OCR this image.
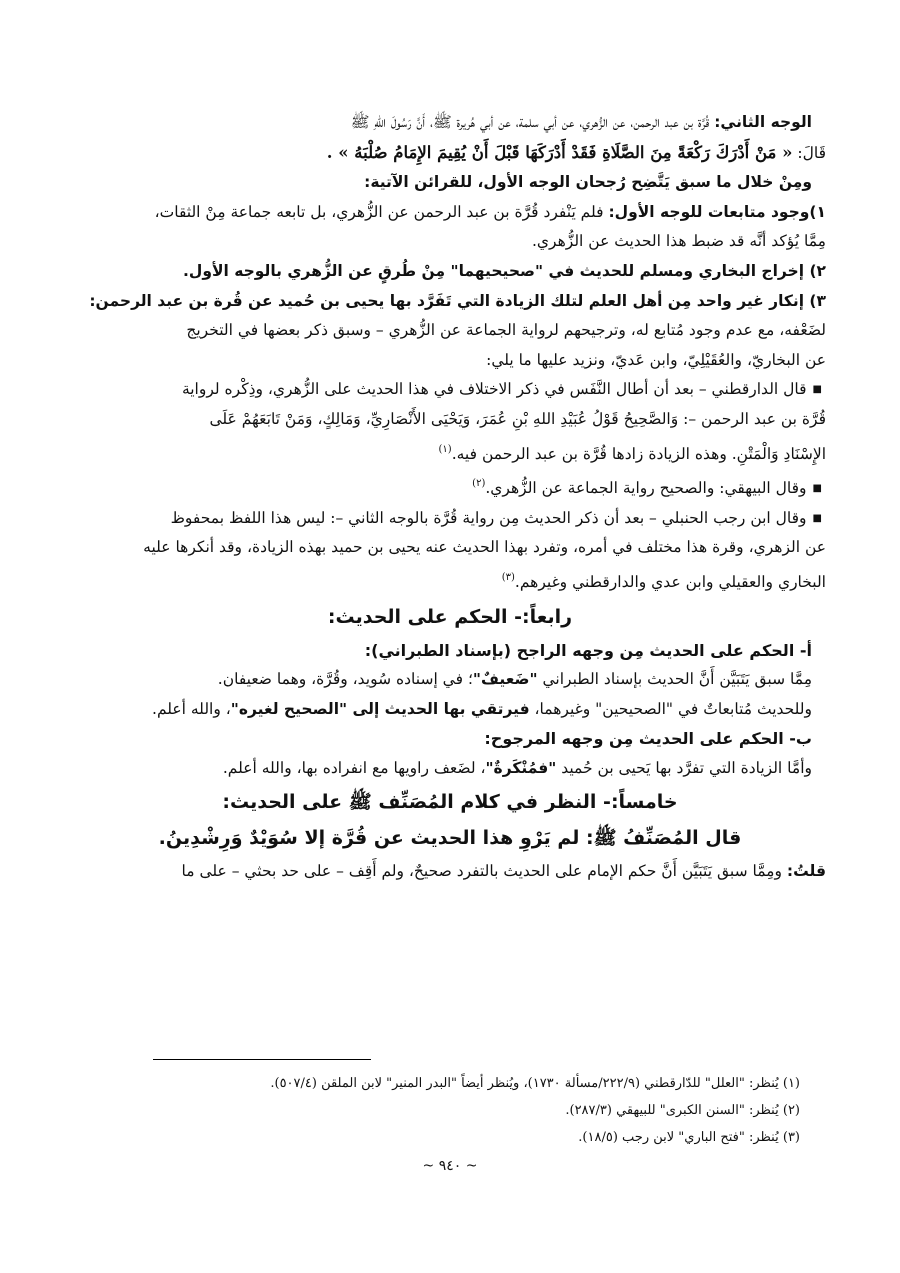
الوجه الثاني: قُرَّة بن عبد الرحمن، عن الزُّهري، عن أبي سلمة، عن أبي هُريرة ﷺ، أَنَّ رَسُولَ اللهِ ﷺ

قَالَ: « مَنْ أَدْرَكَ رَكْعَةً مِنَ الصَّلَاةِ فَقَدْ أَدْرَكَهَا قَبْلَ أَنْ يُقِيمَ الإِمَامُ صُلْبَهُ » .

ومِنْ خلال ما سبق يَتَّضِح رُجحان الوجه الأول، للقرائن الآتية:

١)وجود متابعات للوجه الأول: فلم يَنْفرد قُرَّة بن عبد الرحمن عن الزُّهري، بل تابعه جماعة مِنْ الثقات،

مِمَّا يُؤكد أنَّه قد ضبط هذا الحديث عن الزُّهري.

٢) إخراج البخاري ومسلم للحديث في "صحيحيهما" مِنْ طُرقٍ عن الزُّهري بالوجه الأول.

٣) إنكار غير واحد مِن أهل العلم لتلك الزيادة التي تَفَرَّد بها يحيى بن حُميد عن قُرة بن عبد الرحمن:

لضَعْفه، مع عدم وجود مُتابع له، وترجيحهم لرواية الجماعة عن الزُّهري – وسبق ذكر بعضها في التخريج

عن البخاريّ، والعُقَيْلِيّ، وابن عَديّ، ونزيد عليها ما يلي:

■قال الدارقطني – بعد أن أطال النَّفَس في ذكر الاختلاف في هذا الحديث على الزُّهري، وذِكْره لرواية

قُرَّة بن عبد الرحمن –: وَالصَّحِيحُ قَوْلُ عُبَيْدِ اللهِ بْنِ عُمَرَ، وَيَحْيَى الأَنْصَارِيِّ، وَمَالِكٍ، وَمَنْ تَابَعَهُمْ عَلَى

الإِسْنَادِ وَالْمَتْنِ. وهذه الزيادة زادها قُرَّة بن عبد الرحمن فيه.$^{(١)}$

■وقال البيهقي: والصحيح رواية الجماعة عن الزُّهري.$^{(٢)}$

■وقال ابن رجب الحنبلي – بعد أن ذكر الحديث مِن رواية قُرَّة بالوجه الثاني –: ليس هذا اللفظ بمحفوظ

عن الزهري، وقرة هذا مختلف في أمره، وتفرد بهذا الحديث عنه يحيى بن حميد بهذه الزيادة، وقد أنكرها عليه

البخاري والعقيلي وابن عدي والدارقطني وغيرهم.$^{(٣)}$

رابعاً:- الحكم على الحديث:

أ- الحكم على الحديث مِن وجهه الراجح (بإسناد الطبراني):

مِمَّا سبق يَتَبَيَّن أَنَّ الحديث بإسناد الطبراني "ضَعيفٌ"؛ في إسناده سُويد، وقُرَّة، وهما ضعيفان.

وللحديث مُتابعاتٌ في "الصحيحين" وغيرهما، فيرتقي بها الحديث إلى "الصحيح لغيره"، والله أعلم.

ب- الحكم على الحديث مِن وجهه المرجوح:

وأمَّا الزيادة التي تفرَّد بها يَحيى بن حُميد "فمُنْكَرةٌ"، لضَعف راويها مع انفراده بها، والله أعلم.

خامساً:- النظر في كلام المُصَنِّف ﷺ على الحديث:

قال المُصَنِّفُ ﷺ: لم يَرْوِ هذا الحديث عن قُرَّة إلا سُوَيْدٌ وَرِشْدِينُ.

قلتُ: ومِمَّا سبق يَتَبَيَّن أَنَّ حكم الإمام على الحديث بالتفرد صحيحٌ، ولم أَقِف – على حد بحثي – على ما

(١) يُنظر: "العلل" للدّارقطني (٢٢٢/٩/مسألة ١٧٣٠)، ويُنظر أيضاً "البدر المنير" لابن الملقن (٥٠٧/٤).

(٢) يُنظر: "السنن الكبرى" للبيهقي (٢٨٧/٣).

(٣) يُنظر: "فتح الباري" لابن رجب (١٨/٥).

~ ٩٤٠ ~
